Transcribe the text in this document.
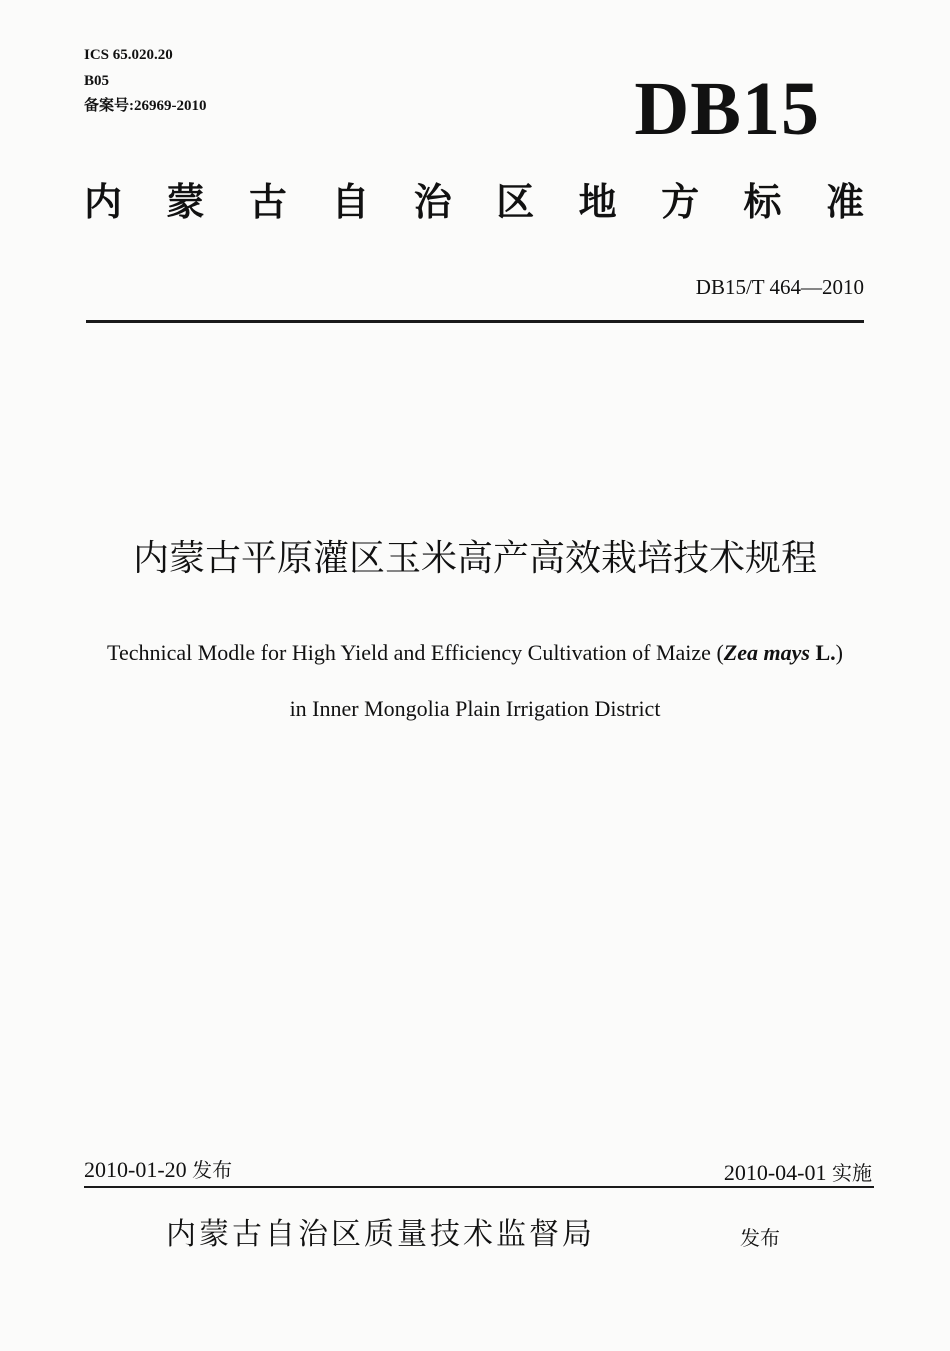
ICS 65.020.20

B05

备案号:26969-2010	DB15
内 蒙 古 自 治 区 地 方 标 准

DB15/T 464—2010

内蒙古平原灌区玉米高产高效栽培技术规程

Technical Modle for High Yield and Efficiency Cultivation of Maize (Zea mays L.)

in Inner Mongolia Plain Irrigation District

2010-01-20 发布	2010-04-01 实施

内蒙古自治区质量技术监督局	发布
